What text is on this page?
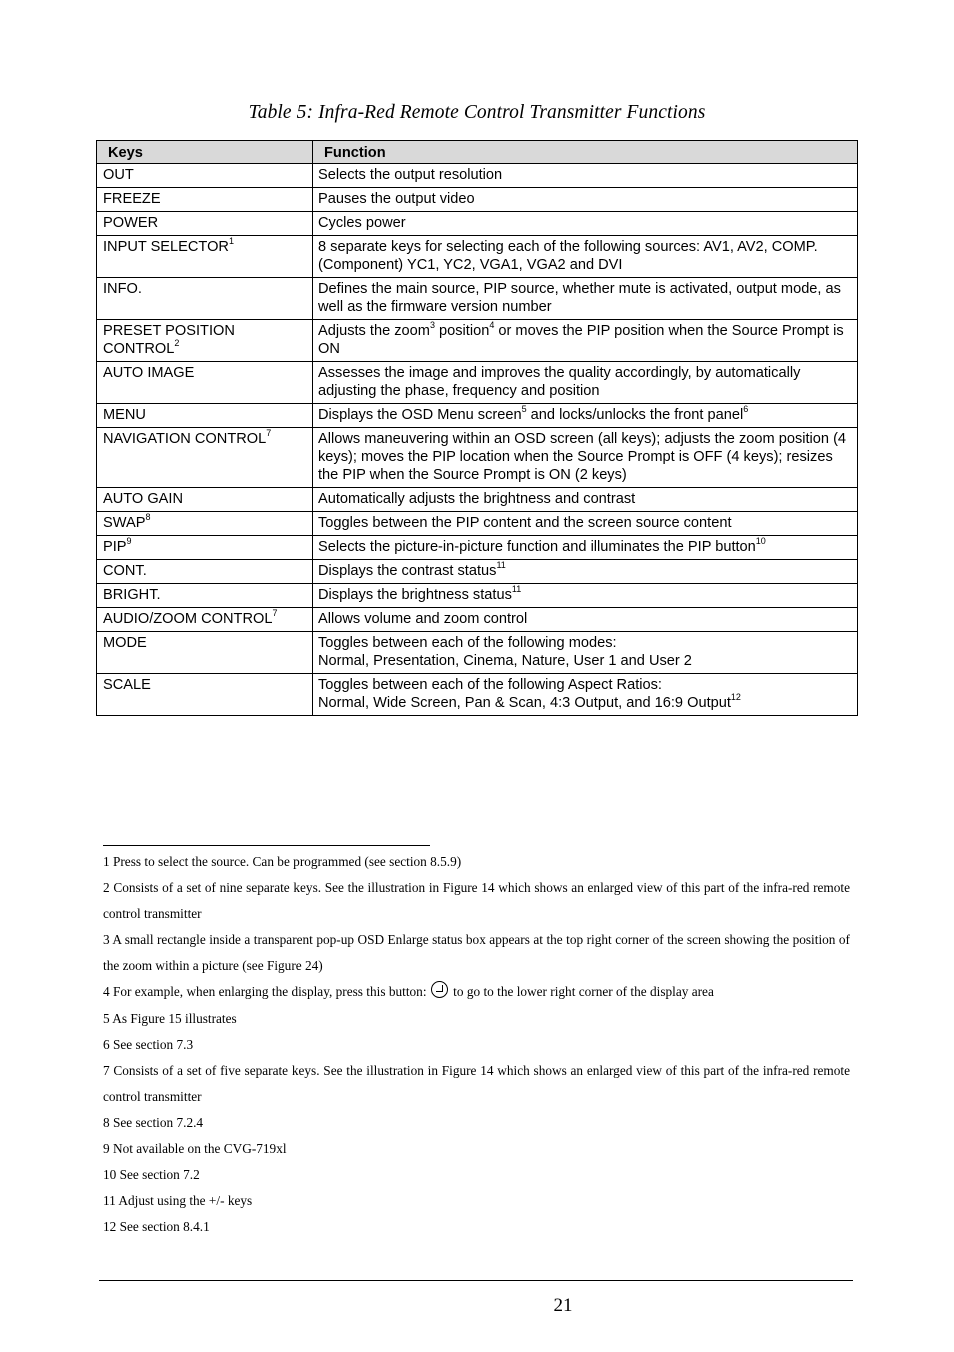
Table 5: Infra-Red Remote Control Transmitter Functions
Keys	Function
OUT	Selects the output resolution
FREEZE	Pauses the output video
POWER	Cycles power
INPUT SELECTOR$^1$	8 separate keys for selecting each of the following sources: AV1, AV2, COMP. (Component) YC1, YC2, VGA1, VGA2 and DVI
INFO.	Defines the main source, PIP source, whether mute is activated, output mode, as well as the firmware version number
PRESET POSITION CONTROL$^2$	Adjusts the zoom$^3$ position$^4$ or moves the PIP position when the Source Prompt is ON
AUTO IMAGE	Assesses the image and improves the quality accordingly, by automatically adjusting the phase, frequency and position
MENU	Displays the OSD Menu screen$^5$ and locks/unlocks the front panel$^6$
NAVIGATION CONTROL$^7$	Allows maneuvering within an OSD screen (all keys); adjusts the zoom position (4 keys); moves the PIP location when the Source Prompt is OFF (4 keys); resizes the PIP when the Source Prompt is ON (2 keys)
AUTO GAIN	Automatically adjusts the brightness and contrast
SWAP$^8$	Toggles between the PIP content and the screen source content
PIP$^9$	Selects the picture-in-picture function and illuminates the PIP button$^{10}$
CONT.	Displays the contrast status$^{11}$
BRIGHT.	Displays the brightness status$^{11}$
AUDIO/ZOOM CONTROL$^7$	Allows volume and zoom control
MODE	Toggles between each of the following modes:
Normal, Presentation, Cinema, Nature, User 1 and User 2
SCALE	Toggles between each of the following Aspect Ratios:
Normal, Wide Screen, Pan & Scan, 4:3 Output, and 16:9 Output$^{12}$

1 Press to select the source. Can be programmed (see section 8.5.9)

2 Consists of a set of nine separate keys. See the illustration in Figure 14 which shows an enlarged view of this part of the infra-red remote control transmitter

3 A small rectangle inside a transparent pop-up OSD Enlarge status box appears at the top right corner of the screen showing the position of the zoom within a picture (see Figure 24)

4 For example, when enlarging the display, press this button:  to go to the lower right corner of the display area

5 As Figure 15 illustrates

6 See section 7.3

7 Consists of a set of five separate keys. See the illustration in Figure 14 which shows an enlarged view of this part of the infra-red remote control transmitter

8 See section 7.2.4

9 Not available on the CVG-719xl

10 See section 7.2

11 Adjust using the +/- keys

12 See section 8.4.1

21
